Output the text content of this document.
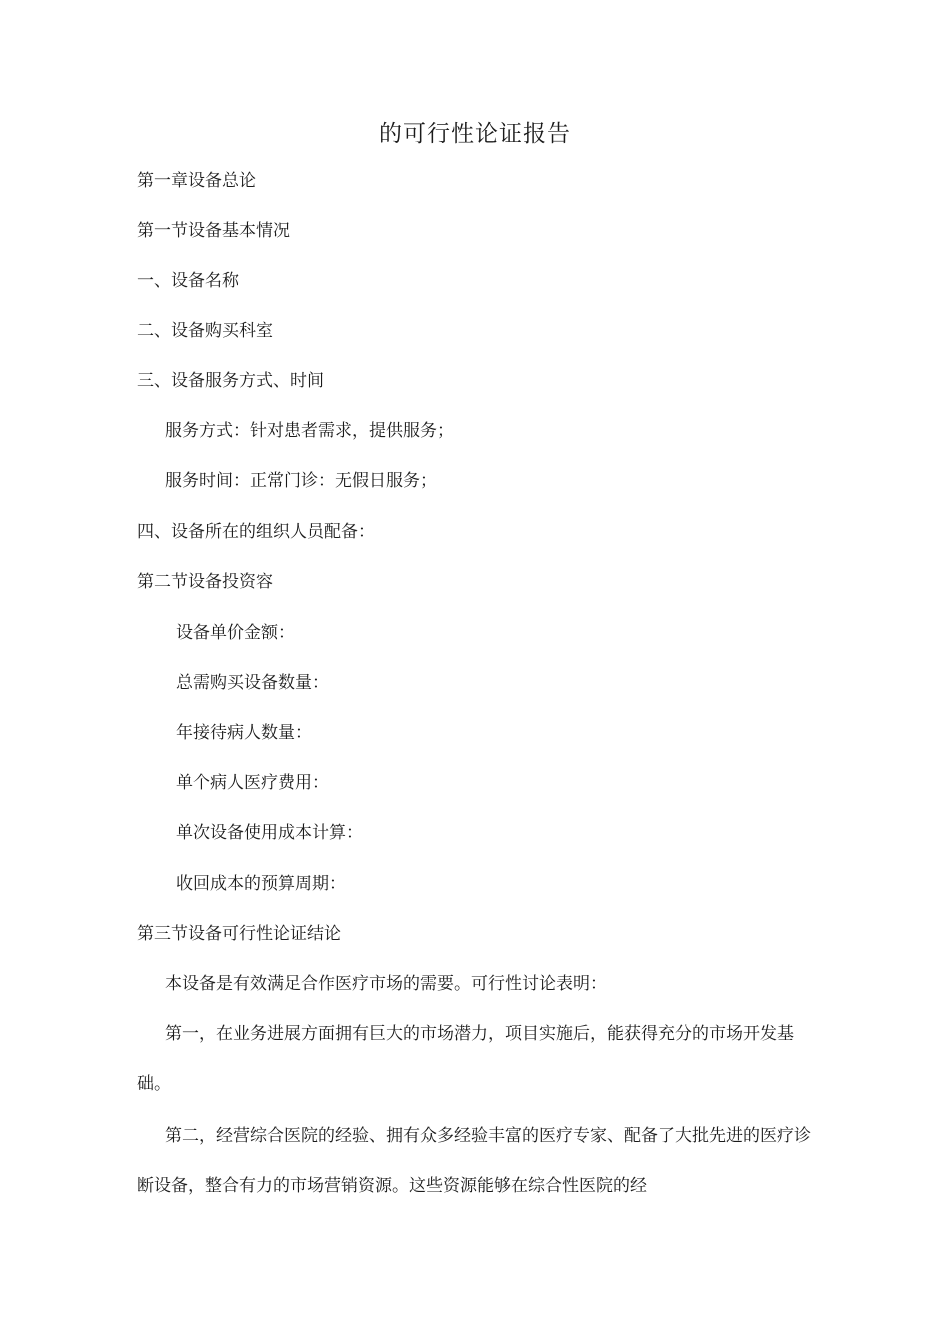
的可行性论证报告
第一章设备总论
第一节设备基本情况
一、设备名称
二、设备购买科室
三、设备服务方式、时间
服务方式：针对患者需求，提供服务；
服务时间：正常门诊：无假日服务；
四、设备所在的组织人员配备：
第二节设备投资容
设备单价金额：
总需购买设备数量：
年接待病人数量：
单个病人医疗费用：
单次设备使用成本计算：
收回成本的预算周期：
第三节设备可行性论证结论
本设备是有效满足合作医疗市场的需要。可行性讨论表明：
第一，在业务进展方面拥有巨大的市场潜力，项目实施后，能获得充分的市场开发基础。
第二，经营综合医院的经验、拥有众多经验丰富的医疗专家、配备了大批先进的医疗诊断设备，整合有力的市场营销资源。这些资源能够在综合性医院的经
